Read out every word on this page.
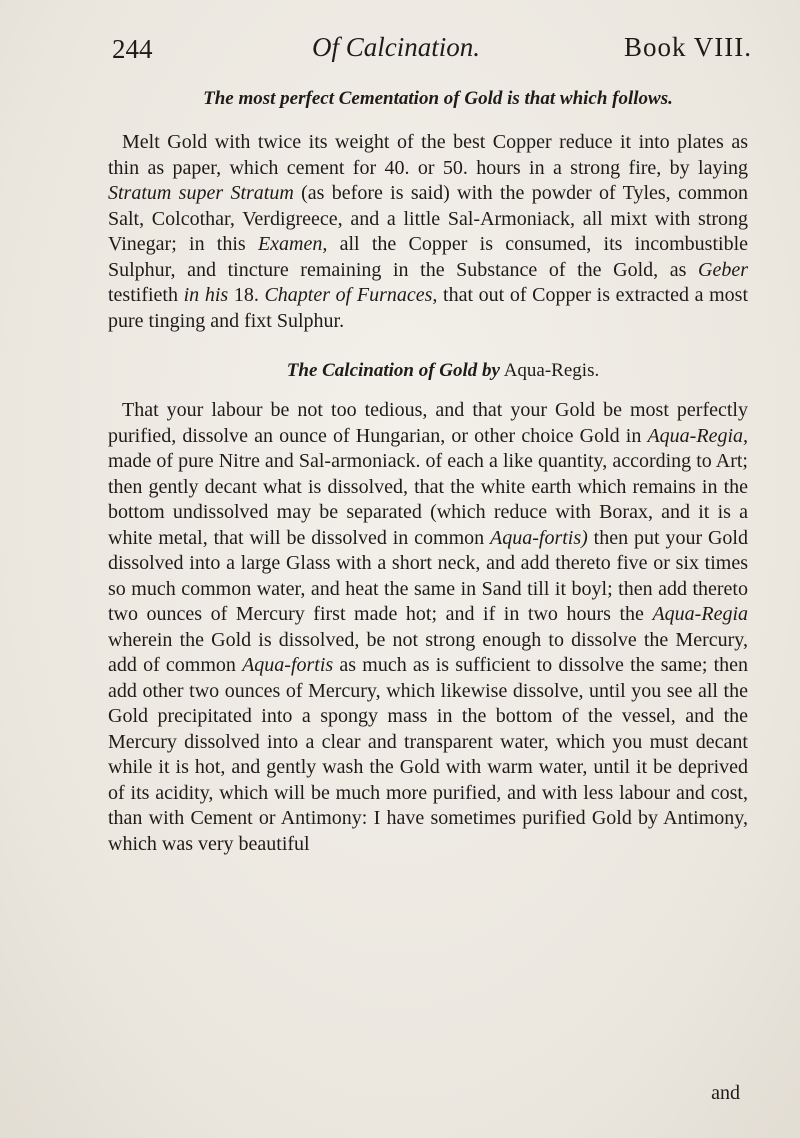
244	Of Calcination.	Book VIII.
The most perfect Cementation of Gold is that which follows.

Melt Gold with twice its weight of the best Copper reduce it into plates as thin as paper, which cement for 40. or 50. hours in a strong fire, by laying Stratum super Stratum (as before is said) with the powder of Tyles, common Salt, Colcothar, Verdigreece, and a little Sal-Armoniack, all mixt with strong Vinegar; in this Examen, all the Copper is consumed, its incombustible Sulphur, and tincture remaining in the Substance of the Gold, as Geber testifieth in his 18. Chapter of Furnaces, that out of Copper is extracted a most pure tinging and fixt Sulphur.

The Calcination of Gold by Aqua-Regis.

That your labour be not too tedious, and that your Gold be most perfectly purified, dissolve an ounce of Hungarian, or other choice Gold in Aqua-Regia, made of pure Nitre and Sal-armoniack. of each a like quantity, according to Art; then gently decant what is dissolved, that the white earth which remains in the bottom undissolved may be separated (which reduce with Borax, and it is a white metal, that will be dissolved in common Aqua-fortis) then put your Gold dissolved into a large Glass with a short neck, and add thereto five or six times so much common water, and heat the same in Sand till it boyl; then add thereto two ounces of Mercury first made hot; and if in two hours the Aqua-Regia wherein the Gold is dissolved, be not strong enough to dissolve the Mercury, add of common Aqua-fortis as much as is sufficient to dissolve the same; then add other two ounces of Mercury, which likewise dissolve, until you see all the Gold precipitated into a spongy mass in the bottom of the vessel, and the Mercury dissolved into a clear and transparent water, which you must decant while it is hot, and gently wash the Gold with warm water, until it be deprived of its acidity, which will be much more purified, and with less labour and cost, than with Cement or Antimony: I have sometimes purified Gold by Antimony, which was very beautiful

and
